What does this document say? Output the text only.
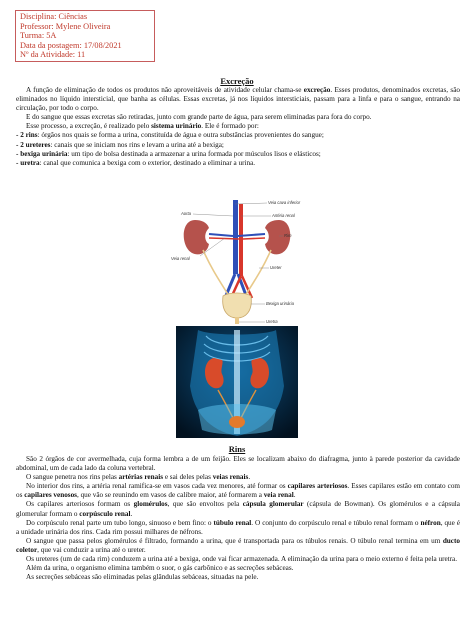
Disciplina: Ciências
Professor: Mylene Oliveira
Turma: 5A
Data da postagem: 17/08/2021
Nº da Atividade: 11
Excreção

A função de eliminação de todos os produtos não aproveitáveis de atividade celular chama-se excreção. Esses produtos, denominados excretas, são eliminados no líquido intersticial, que banha as células. Essas excretas, já nos líquidos intersticiais, passam para a linfa e para o sangue, entrando na circulação, por todo o corpo.

E do sangue que essas excretas são retiradas, junto com grande parte de água, para serem eliminadas para fora do corpo.

Esse processo, a excreção, é realizado pelo sistema urinário. Ele é formado por:

- 2 rins: órgãos nos quais se forma a urina, constituída de água e outra substâncias provenientes do sangue;

- 2 ureteres: canais que se iniciam nos rins e levam a urina até a bexiga;

- bexiga urinária: um tipo de bolsa destinada a armazenar a urina formada por músculos lisos e elásticos;

- uretra: canal que comunica a bexiga com o exterior, destinado a eliminar a urina.

Veia cava inferior
Artéria renal
Aorta
Rim
Veia renal
Ureter
Bexiga urinária
Uretra
Rins

São 2 órgãos de cor avermelhada, cuja forma lembra a de um feijão. Eles se localizam abaixo do diafragma, junto à parede posterior da cavidade abdominal, um de cada lado da coluna vertebral.

O sangue penetra nos rins pelas artérias renais e sai deles pelas veias renais.

No interior dos rins, a artéria renal ramifica-se em vasos cada vez menores, até formar os capilares arteriosos. Esses capilares estão em contato com os capilares venosos, que vão se reunindo em vasos de calibre maior, até formarem a veia renal.

Os capilares arteriosos formam os glomérulos, que são envoltos pela cápsula glomerular (cápsula de Bowman). Os glomérulos e a cápsula glomerular formam o corpúsculo renal.

Do corpúsculo renal parte um tubo longo, sinuoso e bem fino: o túbulo renal. O conjunto do corpúsculo renal e túbulo renal formam o néfron, que é a unidade urinária dos rins. Cada rim possui milhares de néfrons.

O sangue que passa pelos glomérulos é filtrado, formando a urina, que é transportada para os túbulos renais. O túbulo renal termina em um ducto coletor, que vai conduzir a urina até o ureter.

Os ureteres (um de cada rim) conduzem a urina até a bexiga, onde vai ficar armazenada. A eliminação da urina para o meio externo é feita pela uretra.

Além da urina, o organismo elimina também o suor, o gás carbônico e as secreções sebáceas.

As secreções sebáceas são eliminadas pelas glândulas sebáceas, situadas na pele.
